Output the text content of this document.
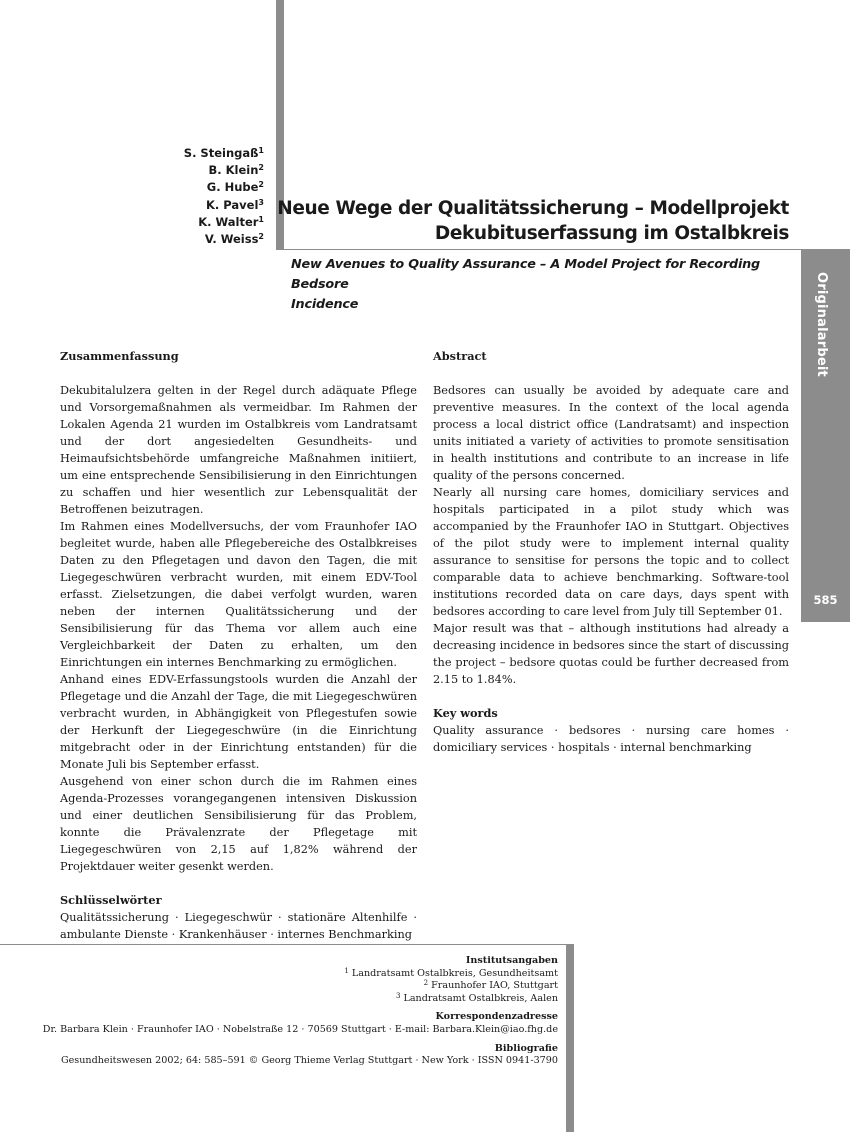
S. Steingaß$^1$
B. Klein$^2$
G. Hube$^2$
K. Pavel$^3$
K. Walter$^1$
V. Weiss$^2$
Neue Wege der Qualitätssicherung – Modellprojekt
Dekubituserfassung im Ostalbkreis
New Avenues to Quality Assurance – A Model Project for Recording Bedsore
Incidence	Originalarbeit
585
Zusammenfassung

Dekubitalulzera gelten in der Regel durch adäquate Pflege und Vorsorgemaßnahmen als vermeidbar. Im Rahmen der Lokalen Agenda 21 wurden im Ostalbkreis vom Landratsamt und der dort angesiedelten Gesundheits- und Heimaufsichtsbehörde umfangreiche Maßnahmen initiiert, um eine entsprechende Sensibilisierung in den Einrichtungen zu schaffen und hier wesentlich zur Lebensqualität der Betroffenen beizutragen.

Im Rahmen eines Modellversuchs, der vom Fraunhofer IAO begleitet wurde, haben alle Pflegebereiche des Ostalbkreises Daten zu den Pflegetagen und davon den Tagen, die mit Liegegeschwüren verbracht wurden, mit einem EDV-Tool erfasst. Zielsetzungen, die dabei verfolgt wurden, waren neben der internen Qualitätssicherung und der Sensibilisierung für das Thema vor allem auch eine Vergleichbarkeit der Daten zu erhalten, um den Einrichtungen ein internes Benchmarking zu ermöglichen.

Anhand eines EDV-Erfassungstools wurden die Anzahl der Pflegetage und die Anzahl der Tage, die mit Liegegeschwüren verbracht wurden, in Abhängigkeit von Pflegestufen sowie der Herkunft der Liegegeschwüre (in die Einrichtung mitgebracht oder in der Einrichtung entstanden) für die Monate Juli bis September erfasst.

Ausgehend von einer schon durch die im Rahmen eines Agenda-Prozesses vorangegangenen intensiven Diskussion und einer deutlichen Sensibilisierung für das Problem, konnte die Prävalenzrate der Pflegetage mit Liegegeschwüren von 2,15 auf 1,82% während der Projektdauer weiter gesenkt werden.

Schlüsselwörter

Qualitätssicherung · Liegegeschwür · stationäre Altenhilfe · ambulante Dienste · Krankenhäuser · internes Benchmarking

Abstract

Bedsores can usually be avoided by adequate care and preventive measures. In the context of the local agenda process a local district office (Landratsamt) and inspection units initiated a variety of activities to promote sensitisation in health institutions and contribute to an increase in life quality of the persons concerned.

Nearly all nursing care homes, domiciliary services and hospitals participated in a pilot study which was accompanied by the Fraunhofer IAO in Stuttgart. Objectives of the pilot study were to implement internal quality assurance to sensitise for persons the topic and to collect comparable data to achieve benchmarking. Software-tool institutions recorded data on care days, days spent with bedsores according to care level from July till September 01.

Major result was that – although institutions had already a decreasing incidence in bedsores since the start of discussing the project – bedsore quotas could be further decreased from 2.15 to 1.84%.

Key words

Quality assurance · bedsores · nursing care homes · domiciliary services · hospitals · internal benchmarking

Institutsangaben
$^1$ Landratsamt Ostalbkreis, Gesundheitsamt
$^2$ Fraunhofer IAO, Stuttgart
$^3$ Landratsamt Ostalbkreis, Aalen
Korrespondenzadresse
Dr. Barbara Klein · Fraunhofer IAO · Nobelstraße 12 · 70569 Stuttgart · E-mail: Barbara.Klein@iao.fhg.de
Bibliografie
Gesundheitswesen 2002; 64: 585–591 © Georg Thieme Verlag Stuttgart · New York · ISSN 0941-3790
